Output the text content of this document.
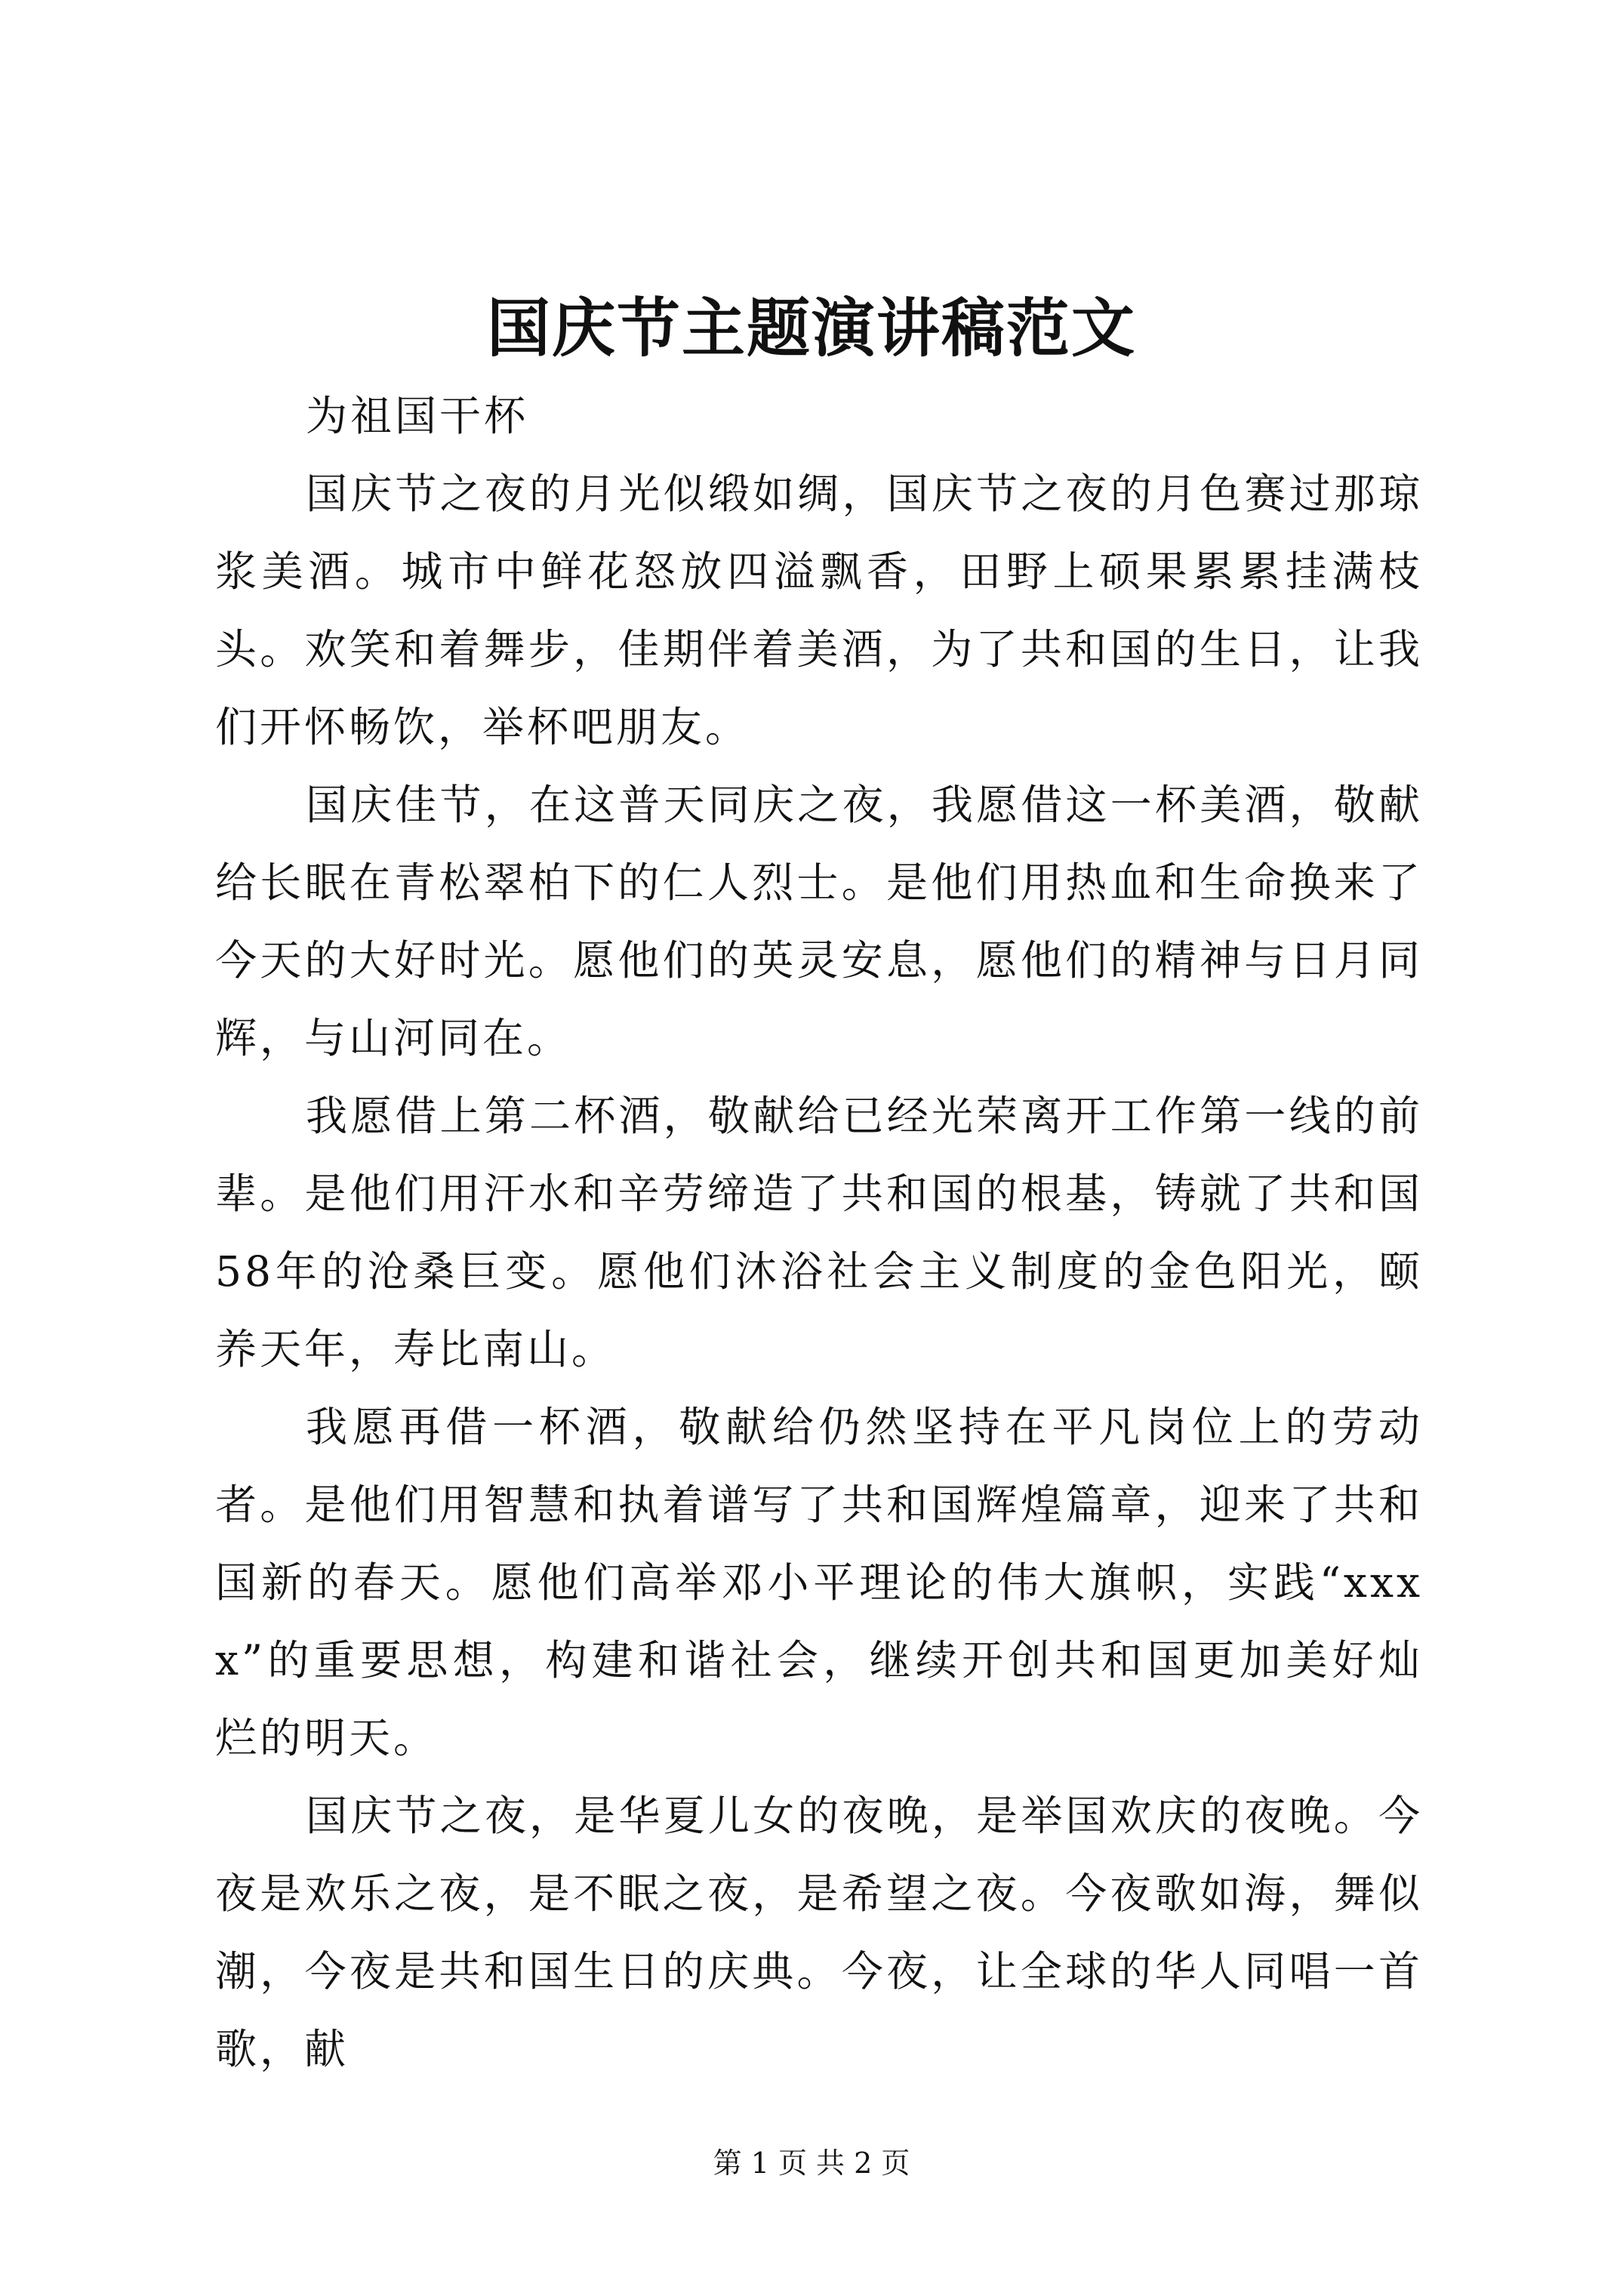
国庆节主题演讲稿范文

为祖国干杯

国庆节之夜的月光似缎如绸，国庆节之夜的月色赛过那琼浆美酒。城市中鲜花怒放四溢飘香，田野上硕果累累挂满枝头。欢笑和着舞步，佳期伴着美酒，为了共和国的生日，让我们开怀畅饮，举杯吧朋友。

国庆佳节，在这普天同庆之夜，我愿借这一杯美酒，敬献给长眠在青松翠柏下的仁人烈士。是他们用热血和生命换来了今天的大好时光。愿他们的英灵安息，愿他们的精神与日月同辉，与山河同在。

我愿借上第二杯酒，敬献给已经光荣离开工作第一线的前辈。是他们用汗水和辛劳缔造了共和国的根基，铸就了共和国58年的沧桑巨变。愿他们沐浴社会主义制度的金色阳光，颐养天年，寿比南山。

我愿再借一杯酒，敬献给仍然坚持在平凡岗位上的劳动者。是他们用智慧和执着谱写了共和国辉煌篇章，迎来了共和国新的春天。愿他们高举邓小平理论的伟大旗帜，实践“xxxx”的重要思想，构建和谐社会，继续开创共和国更加美好灿烂的明天。

国庆节之夜，是华夏儿女的夜晚，是举国欢庆的夜晚。今夜是欢乐之夜，是不眠之夜，是希望之夜。今夜歌如海，舞似潮，今夜是共和国生日的庆典。今夜，让全球的华人同唱一首歌，献

第 1 页 共 2 页
